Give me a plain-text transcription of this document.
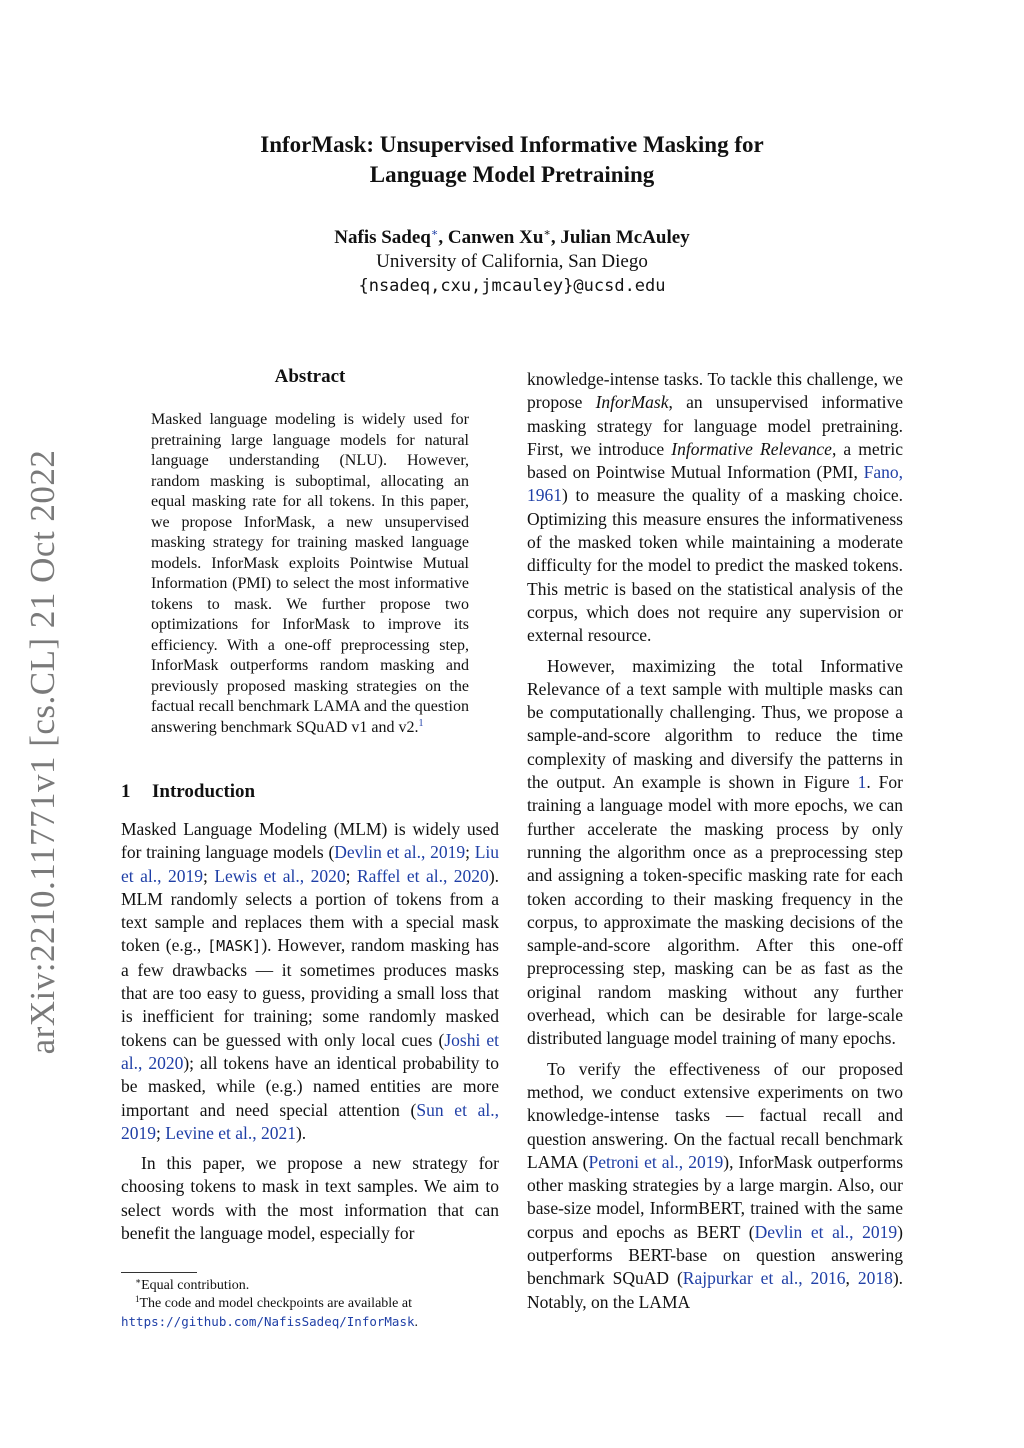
arXiv:2210.11771v1 [cs.CL] 21 Oct 2022
InforMask: Unsupervised Informative Masking for
Language Model Pretraining
Nafis Sadeq∗, Canwen Xu∗, Julian McAuley
University of California, San Diego
{nsadeq,cxu,jmcauley}@ucsd.edu
Abstract
Masked language modeling is widely used for pretraining large language models for natural language understanding (NLU). However, random masking is suboptimal, allocating an equal masking rate for all tokens. In this paper, we propose InforMask, a new unsupervised masking strategy for training masked language models. InforMask exploits Pointwise Mutual Information (PMI) to select the most informative tokens to mask. We further propose two optimizations for InforMask to improve its efficiency. With a one-off preprocessing step, InforMask outperforms random masking and previously proposed masking strategies on the factual recall benchmark LAMA and the question answering benchmark SQuAD v1 and v2.$^1$
1 Introduction

Masked Language Modeling (MLM) is widely used for training language models (Devlin et al., 2019; Liu et al., 2019; Lewis et al., 2020; Raffel et al., 2020). MLM randomly selects a portion of tokens from a text sample and replaces them with a special mask token (e.g., [MASK]). However, random masking has a few drawbacks — it sometimes produces masks that are too easy to guess, providing a small loss that is inefficient for training; some randomly masked tokens can be guessed with only local cues (Joshi et al., 2020); all tokens have an identical probability to be masked, while (e.g.) named entities are more important and need special attention (Sun et al., 2019; Levine et al., 2021).

In this paper, we propose a new strategy for choosing tokens to mask in text samples. We aim to select words with the most information that can benefit the language model, especially for

knowledge-intense tasks. To tackle this challenge, we propose InforMask, an unsupervised informative masking strategy for language model pretraining. First, we introduce Informative Relevance, a metric based on Pointwise Mutual Information (PMI, Fano, 1961) to measure the quality of a masking choice. Optimizing this measure ensures the informativeness of the masked token while maintaining a moderate difficulty for the model to predict the masked tokens. This metric is based on the statistical analysis of the corpus, which does not require any supervision or external resource.

However, maximizing the total Informative Relevance of a text sample with multiple masks can be computationally challenging. Thus, we propose a sample-and-score algorithm to reduce the time complexity of masking and diversify the patterns in the output. An example is shown in Figure 1. For training a language model with more epochs, we can further accelerate the masking process by only running the algorithm once as a preprocessing step and assigning a token-specific masking rate for each token according to their masking frequency in the corpus, to approximate the masking decisions of the sample-and-score algorithm. After this one-off preprocessing step, masking can be as fast as the original random masking without any further overhead, which can be desirable for large-scale distributed language model training of many epochs.

To verify the effectiveness of our proposed method, we conduct extensive experiments on two knowledge-intense tasks — factual recall and question answering. On the factual recall benchmark LAMA (Petroni et al., 2019), InforMask outperforms other masking strategies by a large margin. Also, our base-size model, InformBERT, trained with the same corpus and epochs as BERT (Devlin et al., 2019) outperforms BERT-base on question answering benchmark SQuAD (Rajpurkar et al., 2016, 2018). Notably, on the LAMA

∗Equal contribution.
$^1$The code and model checkpoints are available at https://github.com/NafisSadeq/InforMask.
